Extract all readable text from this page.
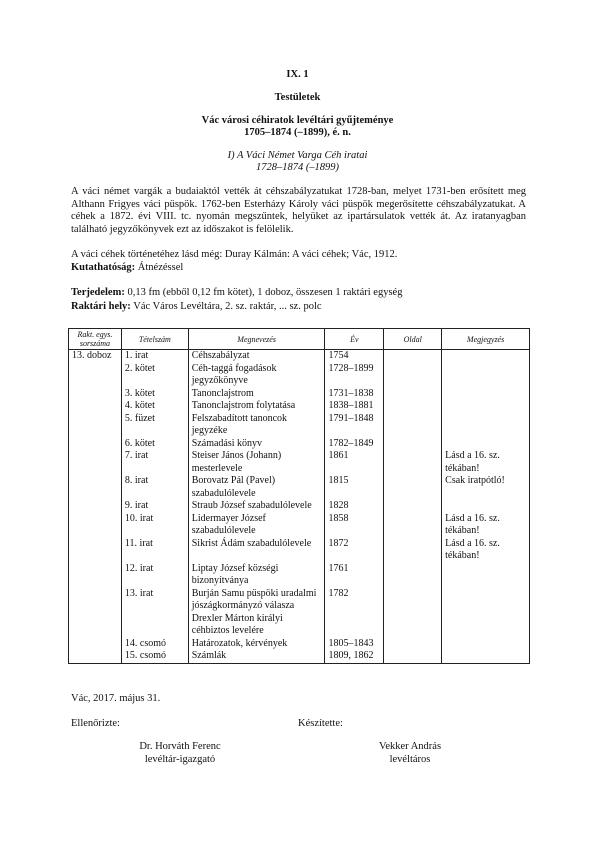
IX. 1
Testületek
Vác városi céhiratok levéltári gyűjteménye
1705–1874 (–1899), é. n.
I) A Váci Német Varga Céh iratai
1728–1874 (–1899)

A váci német vargák a budaiaktól vették át céhszabályzatukat 1728-ban, melyet 1731-ben erősített meg Althann Frigyes váci püspök. 1762-ben Esterházy Károly váci püspök megerősítette céhszabályzatukat. A céhek a 1872. évi VIII. tc. nyomán megszűntek, helyüket az ipartársulatok vették át. Az iratanyagban található jegyzőkönyvek ezt az időszakot is felölelik.

A váci céhek történetéhez lásd még: Duray Kálmán: A váci céhek; Vác, 1912.
Kutathatóság: Átnézéssel
Terjedelem: 0,13 fm (ebből 0,12 fm kötet), 1 doboz, összesen 1 raktári egység
Raktári hely: Vác Város Levéltára, 2. sz. raktár, ... sz. polc
Rakt. egys. sorszáma	Tételszám	Megnevezés	Év	Oldal	Megjegyzés
13. doboz	1. irat	Céhszabályzat	1754		
	2. kötet	Céh-taggá fogadások jegyzőkönyve	1728–1899		
	3. kötet	Tanonclajstrom	1731–1838		
	4. kötet	Tanonclajstrom folytatása	1838–1881		
	5. füzet	Felszabadított tanoncok jegyzéke	1791–1848		
	6. kötet	Számadási könyv	1782–1849		
	7. irat	Steiser János (Johann) mesterlevele	1861		Lásd a 16. sz. tékában!
	8. irat	Borovatz Pál (Pavel) szabadulólevele	1815		Csak iratpótló!
	9. irat	Straub József szabadulólevele	1828		
	10. irat	Lidermayer József szabadulólevele	1858		Lásd a 16. sz. tékában!
	11. irat	Sikrist Ádám szabadulólevele	1872		Lásd a 16. sz. tékában!
	12. irat	Liptay József községi bizonyítványa	1761		
	13. irat	Burján Samu püspöki uradalmi jószágkormányzó válasza Drexler Márton királyi céhbiztos levelére	1782		
	14. csomó	Határozatok, kérvények	1805–1843		
	15. csomó	Számlák	1809, 1862		
Vác, 2017. május 31.
Ellenőrizte:	Készítette:
Dr. Horváth Ferenc
levéltár-igazgató
Vekker András
levéltáros
